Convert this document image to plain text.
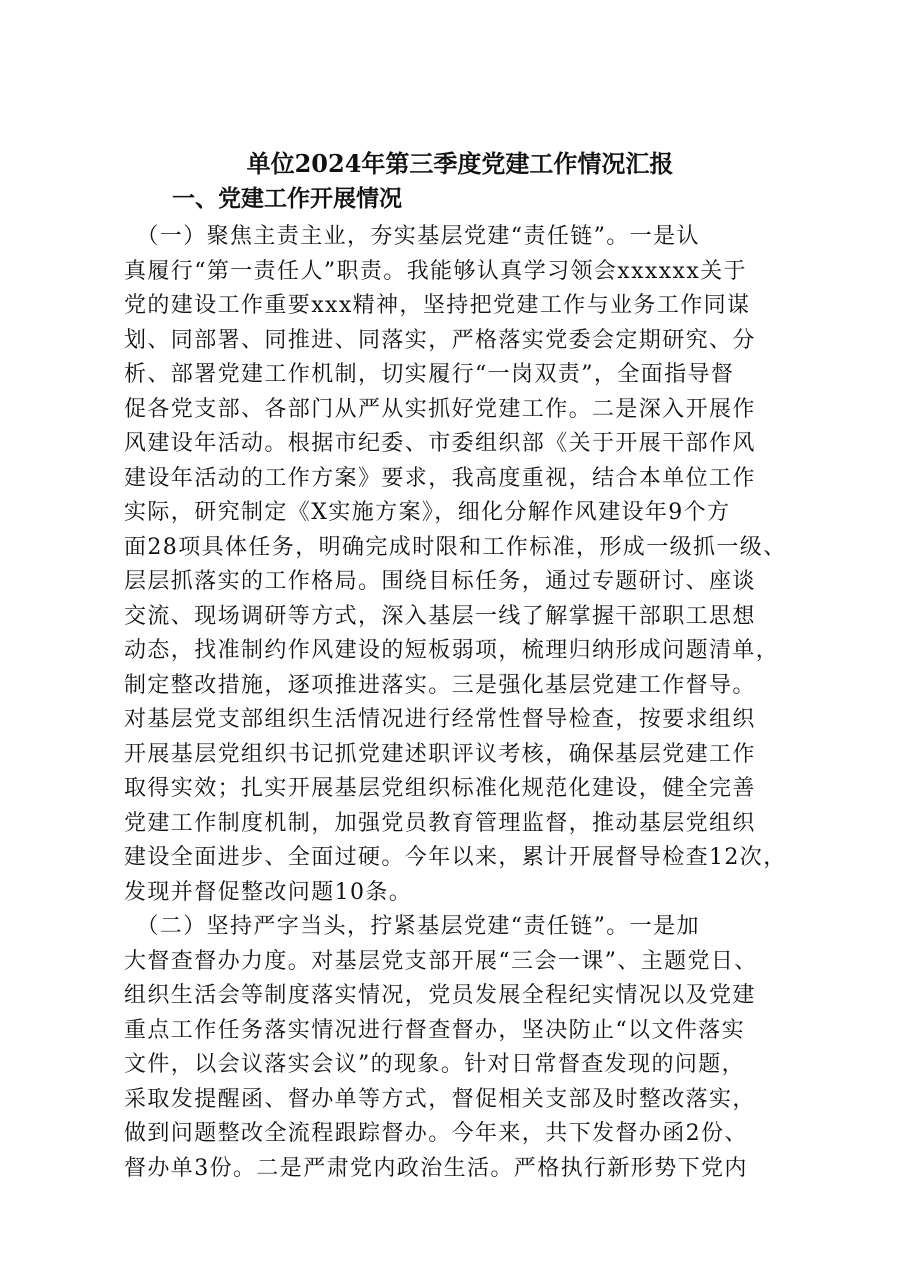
单位2024年第三季度党建工作情况汇报
一、党建工作开展情况
　（一）聚焦主责主业，夯实基层党建“责任链”。一是认
真履行“第一责任人”职责。我能够认真学习领会xxxxxx关于
党的建设工作重要xxx精神，坚持把党建工作与业务工作同谋
划、同部署、同推进、同落实，严格落实党委会定期研究、分
析、部署党建工作机制，切实履行“一岗双责”，全面指导督
促各党支部、各部门从严从实抓好党建工作。二是深入开展作
风建设年活动。根据市纪委、市委组织部《关于开展干部作风
建设年活动的工作方案》要求，我高度重视，结合本单位工作
实际，研究制定《X实施方案》，细化分解作风建设年9个方
面28项具体任务，明确完成时限和工作标准，形成一级抓一级、
层层抓落实的工作格局。围绕目标任务，通过专题研讨、座谈
交流、现场调研等方式，深入基层一线了解掌握干部职工思想
动态，找准制约作风建设的短板弱项，梳理归纳形成问题清单，
制定整改措施，逐项推进落实。三是强化基层党建工作督导。
对基层党支部组织生活情况进行经常性督导检查，按要求组织
开展基层党组织书记抓党建述职评议考核，确保基层党建工作
取得实效；扎实开展基层党组织标准化规范化建设，健全完善
党建工作制度机制，加强党员教育管理监督，推动基层党组织
建设全面进步、全面过硬。今年以来，累计开展督导检查12次，
发现并督促整改问题10条。
　（二）坚持严字当头，拧紧基层党建“责任链”。一是加
大督查督办力度。对基层党支部开展“三会一课”、主题党日、
组织生活会等制度落实情况，党员发展全程纪实情况以及党建
重点工作任务落实情况进行督查督办，坚决防止“以文件落实
文件，以会议落实会议”的现象。针对日常督查发现的问题，
采取发提醒函、督办单等方式，督促相关支部及时整改落实，
做到问题整改全流程跟踪督办。今年来，共下发督办函2份、
督办单3份。二是严肃党内政治生活。严格执行新形势下党内
